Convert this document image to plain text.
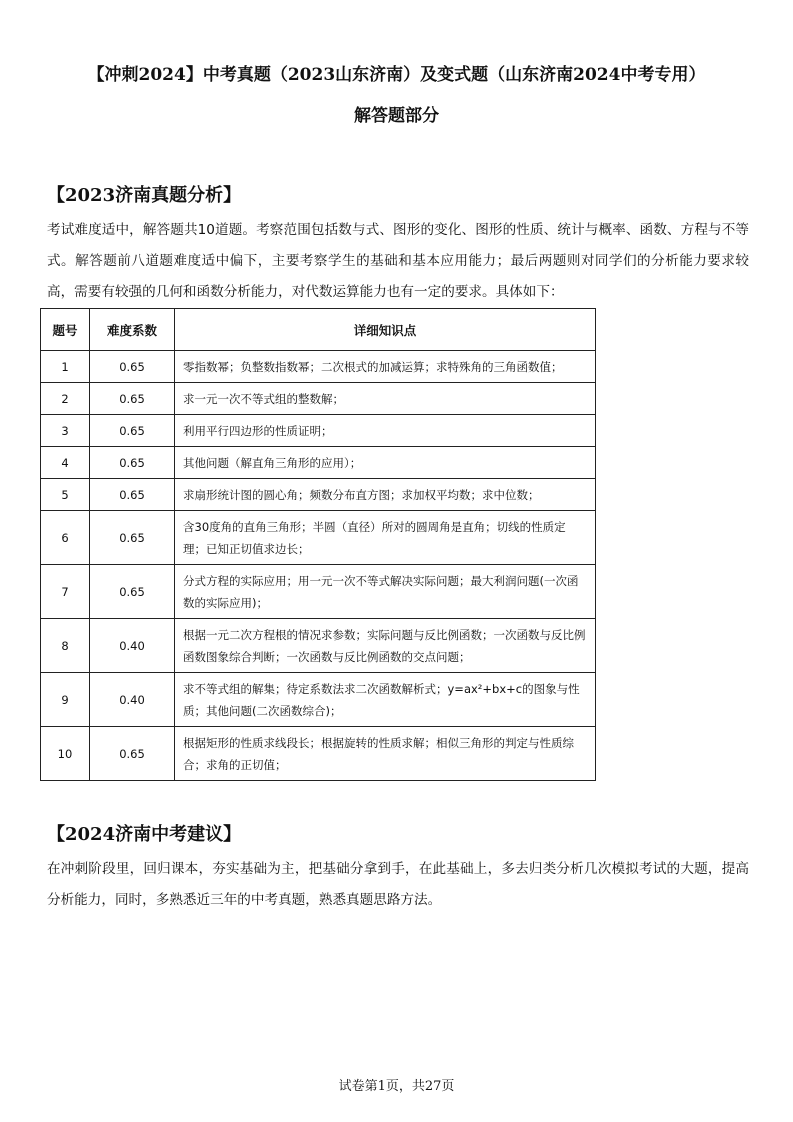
【冲刺2024】中考真题（2023山东济南）及变式题（山东济南2024中考专用）
解答题部分
【2023济南真题分析】
考试难度适中，解答题共10道题。考察范围包括数与式、图形的变化、图形的性质、统计与概率、函数、方程与不等式。解答题前八道题难度适中偏下，主要考察学生的基础和基本应用能力；最后两题则对同学们的分析能力要求较高，需要有较强的几何和函数分析能力，对代数运算能力也有一定的要求。具体如下：
题号	难度系数	详细知识点
1	0.65	零指数幂；负整数指数幂；二次根式的加减运算；求特殊角的三角函数值；
2	0.65	求一元一次不等式组的整数解；
3	0.65	利用平行四边形的性质证明；
4	0.65	其他问题（解直角三角形的应用）；
5	0.65	求扇形统计图的圆心角；频数分布直方图；求加权平均数；求中位数；
6	0.65	含30度角的直角三角形；半圆（直径）所对的圆周角是直角；切线的性质定理；已知正切值求边长；
7	0.65	分式方程的实际应用；用一元一次不等式解决实际问题；最大利润问题(一次函数的实际应用)；
8	0.40	根据一元二次方程根的情况求参数；实际问题与反比例函数；一次函数与反比例函数图象综合判断；一次函数与反比例函数的交点问题；
9	0.40	求不等式组的解集；待定系数法求二次函数解析式；y=ax²+bx+c的图象与性质；其他问题(二次函数综合)；
10	0.65	根据矩形的性质求线段长；根据旋转的性质求解；相似三角形的判定与性质综合；求角的正切值；
【2024济南中考建议】
在冲刺阶段里，回归课本，夯实基础为主，把基础分拿到手，在此基础上，多去归类分析几次模拟考试的大题，提高分析能力，同时，多熟悉近三年的中考真题，熟悉真题思路方法。
试卷第1页，共27页
